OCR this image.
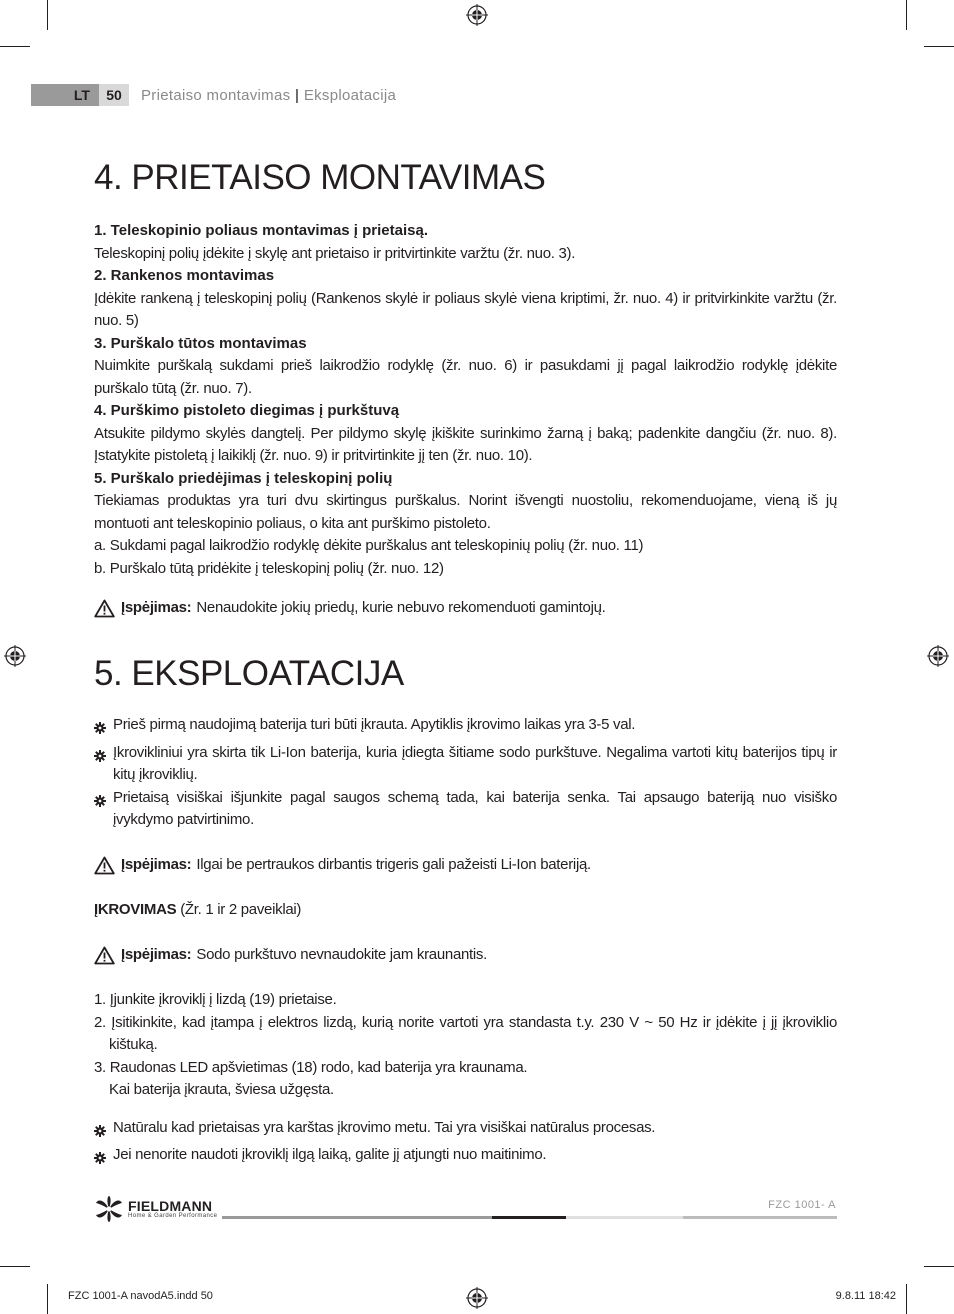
LT	50	Prietaiso montavimas | Eksploatacija
4. PRIETAISO MONTAVIMAS
1. Teleskopinio poliaus montavimas į prietaisą.
Teleskopinį polių įdėkite į skylę ant prietaiso ir pritvirtinkite varžtu (žr. nuo. 3).
2. Rankenos montavimas
Įdėkite rankeną į teleskopinį polių (Rankenos skylė ir poliaus skylė viena kriptimi, žr. nuo. 4) ir pritvirkinkite varžtu (žr. nuo. 5)
3. Purškalo tūtos montavimas
Nuimkite purškalą sukdami prieš laikrodžio rodyklę (žr. nuo. 6) ir pasukdami jį pagal laikrodžio rodyklę įdėkite purškalo tūtą (žr. nuo. 7).
4. Purškimo pistoleto diegimas į purkštuvą
Atsukite pildymo skylės dangtelį. Per pildymo skylę įkiškite surinkimo žarną į baką; padenkite dangčiu (žr. nuo. 8). Įstatykite pistoletą į laikiklį (žr. nuo. 9) ir pritvirtinkite jį ten (žr. nuo. 10).
5. Purškalo priedėjimas į teleskopinį polių
Tiekiamas produktas yra turi dvu skirtingus purškalus. Norint išvengti nuostoliu, rekomenduojame, vieną iš jų montuoti ant teleskopinio poliaus, o kita ant purškimo pistoleto.
a. Sukdami pagal laikrodžio rodyklę dėkite purškalus ant teleskopinių polių (žr. nuo. 11)
b. Purškalo tūtą pridėkite į teleskopinį polių (žr. nuo. 12)
Įspėjimas: Nenaudokite jokių priedų, kurie nebuvo rekomenduoti gamintojų.
5. EKSPLOATACIJA
Prieš pirmą naudojimą baterija turi būti įkrauta. Apytiklis įkrovimo laikas yra 3-5 val.
Įkrovikliniui yra skirta tik Li-Ion baterija, kuria įdiegta šitiame sodo purkštuve. Negalima vartoti kitų baterijos tipų ir kitų įkroviklių.
Prietaisą visiškai išjunkite pagal saugos schemą tada, kai baterija senka. Tai apsaugo bateriją nuo visiško įvykdymo patvirtinimo.
Įspėjimas: Ilgai be pertraukos dirbantis trigeris gali pažeisti Li-Ion bateriją.
ĮKROVIMAS (Žr. 1 ir 2 paveiklai)
Įspėjimas: Sodo purkštuvo nevnaudokite jam kraunantis.
1. Įjunkite įkroviklį į lizdą (19) prietaise.
2. Įsitikinkite, kad įtampa į elektros lizdą, kurią norite vartoti yra standasta t.y. 230 V ~ 50 Hz ir įdėkite į jį įkroviklio kištuką.
3. Raudonas LED apšvietimas (18) rodo, kad baterija yra kraunama.
Kai baterija įkrauta, šviesa užgęsta.
Natūralu kad prietaisas yra karštas įkrovimo metu. Tai yra visiškai natūralus procesas.
Jei nenorite naudoti įkroviklį ilgą laiką, galite jį atjungti nuo maitinimo.
FIELDMANN
Home & Garden Performance
FZC 1001- A
FZC 1001-A navodA5.indd 50	9.8.11 18:42
